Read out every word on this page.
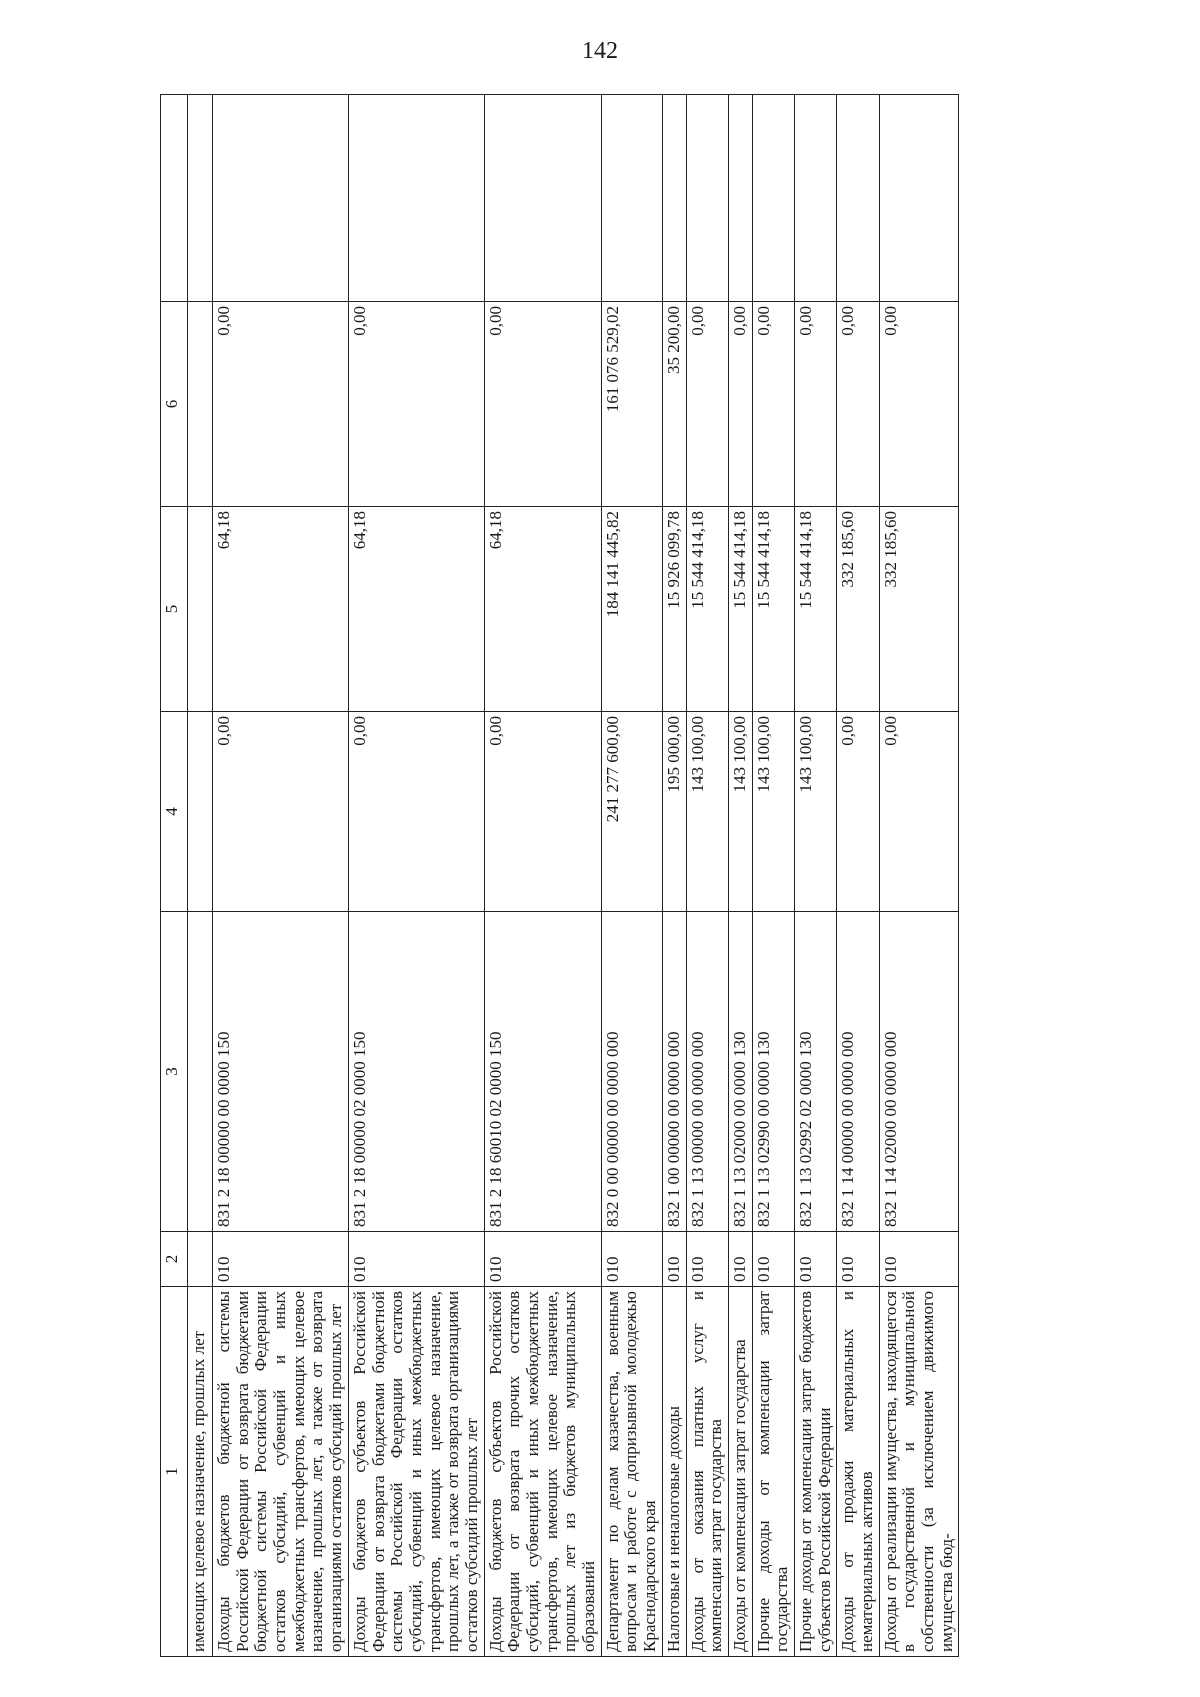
142
1	2	3	4	5	6	
имеющих целевое назначение, прошлых лет						
Доходы бюджетов бюджетной системы Российской Федерации от возврата бюджетами бюджетной системы Российской Федерации остатков субсидий, субвенций и иных межбюджетных трансфертов, имеющих целевое назначение, прошлых лет, а также от возврата организациями остатков субсидий прошлых лет	010	831 2 18 00000 00 0000 150	0,00	64,18	0,00	
Доходы бюджетов субъектов Российской Федерации от возврата бюджетами бюджетной системы Российской Федерации остатков субсидий, субвенций и иных межбюджетных трансфертов, имеющих целевое назначение, прошлых лет, а также от возврата организациями остатков субсидий прошлых лет	010	831 2 18 00000 02 0000 150	0,00	64,18	0,00	
Доходы бюджетов субъектов Российской Федерации от возврата прочих остатков субсидий, субвенций и иных межбюджетных трансфертов, имеющих целевое назначение, прошлых лет из бюджетов муниципальных образований	010	831 2 18 60010 02 0000 150	0,00	64,18	0,00	
Департамент по делам казачества, военным вопросам и работе с допризывной молодежью Краснодарского края	010	832 0 00 00000 00 0000 000	241 277 600,00	184 141 445,82	161 076 529,02	
Налоговые и неналоговые доходы	010	832 1 00 00000 00 0000 000	195 000,00	15 926 099,78	35 200,00	
Доходы от оказания платных услуг и компенсации затрат государства	010	832 1 13 00000 00 0000 000	143 100,00	15 544 414,18	0,00	
Доходы от компенсации затрат государства	010	832 1 13 02000 00 0000 130	143 100,00	15 544 414,18	0,00	
Прочие доходы от компенсации затрат государства	010	832 1 13 02990 00 0000 130	143 100,00	15 544 414,18	0,00	
Прочие доходы от компенсации затрат бюджетов субъектов Российской Федерации	010	832 1 13 02992 02 0000 130	143 100,00	15 544 414,18	0,00	
Доходы от продажи материальных и нематериальных активов	010	832 1 14 00000 00 0000 000	0,00	332 185,60	0,00	
Доходы от реализации имущества, находящегося в государственной и муниципальной собственности (за исключением движимого имущества бюд-	010	832 1 14 02000 00 0000 000	0,00	332 185,60	0,00	
